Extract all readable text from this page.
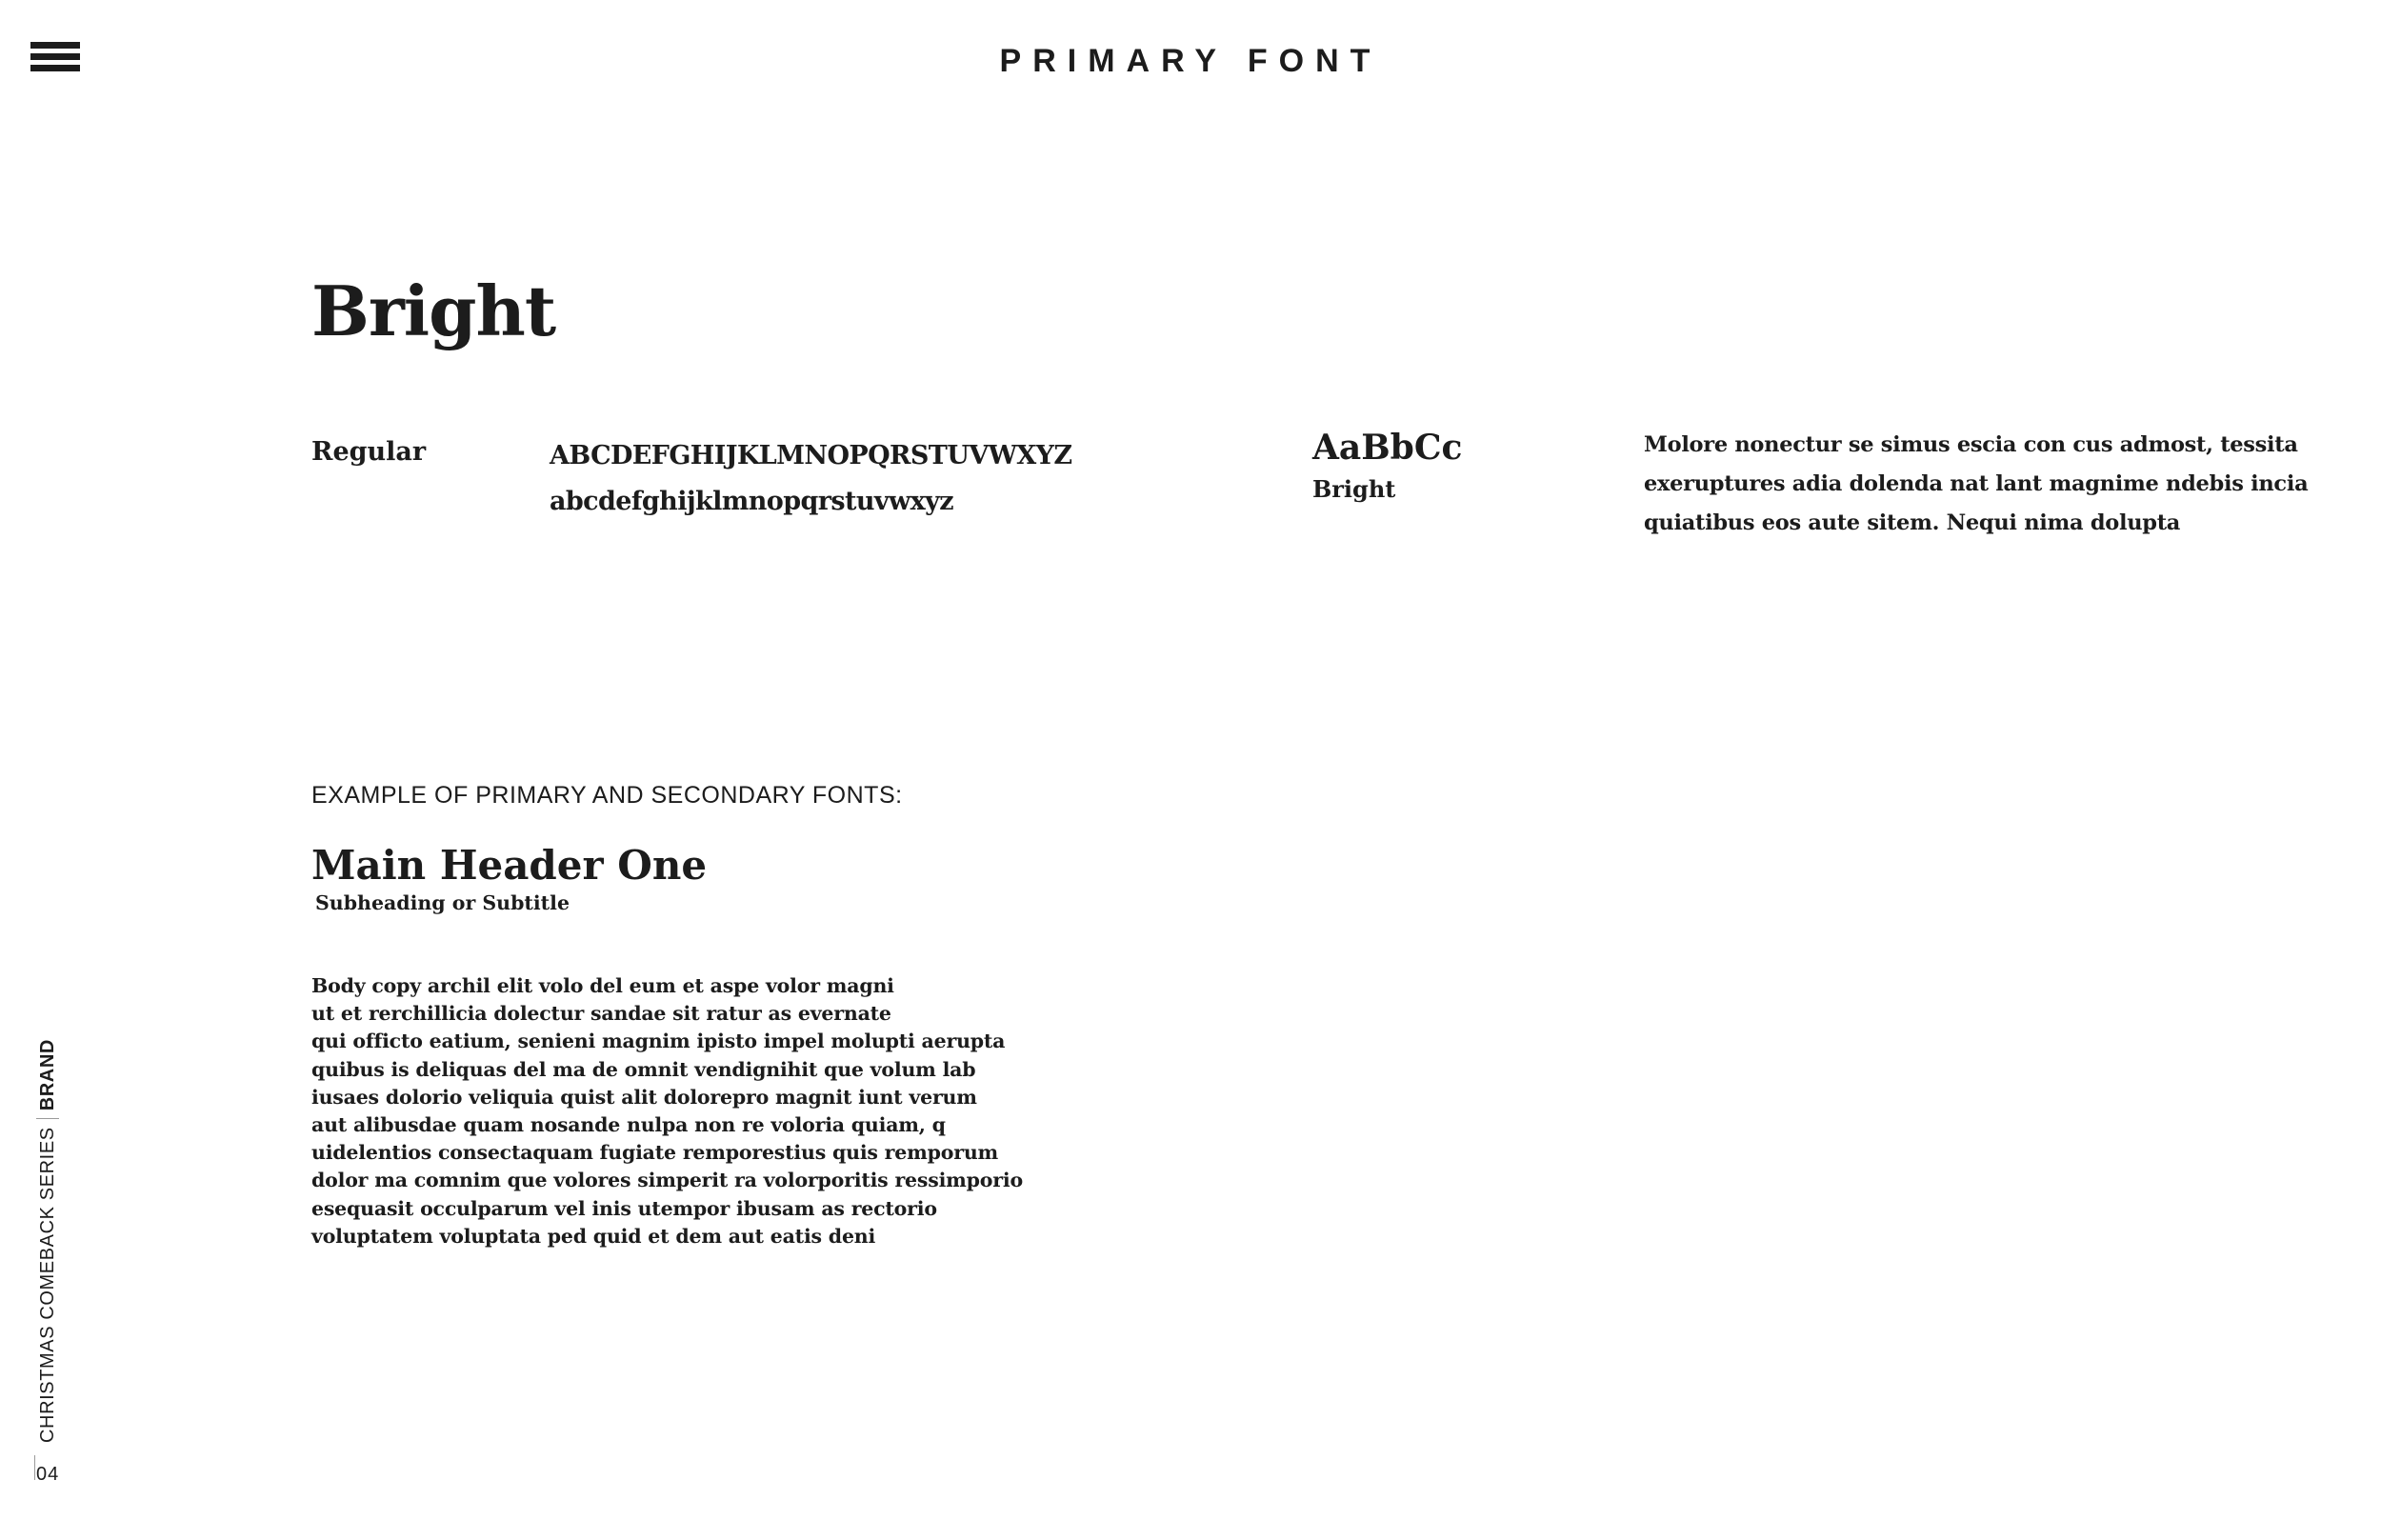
PRIMARY FONT
Bright
Regular	ABCDEFGHIJKLMNOPQRSTUVWXYZ
abcdefghijklmnopqrstuvwxyz
AaBbCc
Bright
Molore nonectur se simus escia con cus admost, tessita
exeruptures adia dolenda nat lant magnime ndebis incia
quiatibus eos aute sitem. Nequi nima dolupta
EXAMPLE OF PRIMARY AND SECONDARY FONTS:
Main Header One
Subheading or Subtitle
Body copy archil elit volo del eum et aspe volor magni
ut et rerchillicia dolectur sandae sit ratur as evernate
qui officto eatium, senieni magnim ipisto impel molupti aerupta
quibus is deliquas del ma de omnit vendignihit que volum lab
iusaes dolorio veliquia quist alit dolorepro magnit iunt verum
aut alibusdae quam nosande nulpa non re voloria quiam, q
uidelentios consectaquam fugiate remporestius quis remporum
dolor ma comnim que volores simperit ra volorporitis ressimporio
esequasit occulparum vel inis utempor ibusam as rectorio
voluptatem voluptata ped quid et dem aut eatis deni
CHRISTMAS COMEBACK SERIES
BRAND
04
